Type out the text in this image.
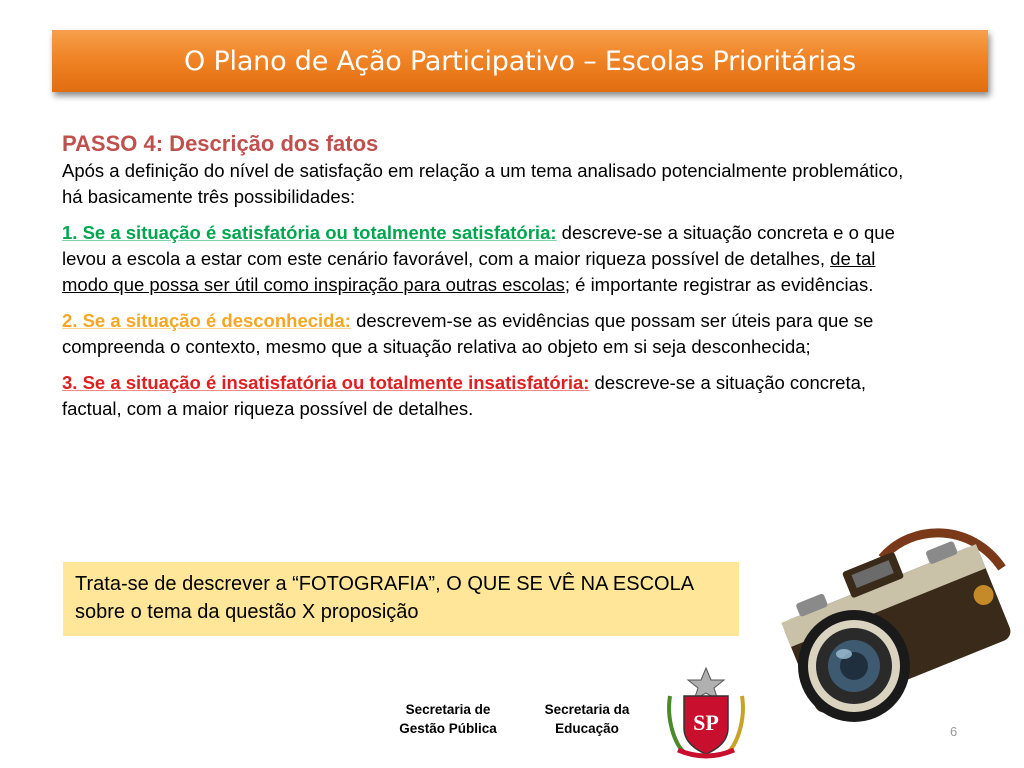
O Plano de Ação Participativo – Escolas Prioritárias
PASSO 4: Descrição dos fatos

Após a definição do nível de satisfação em relação a um tema analisado potencialmente problemático, há basicamente três possibilidades:

1. Se a situação é satisfatória ou totalmente satisfatória: descreve-se a situação concreta e o que levou a escola a estar com este cenário favorável, com a maior riqueza possível de detalhes, de tal modo que possa ser útil como inspiração para outras escolas; é importante registrar as evidências.

2. Se a situação é desconhecida: descrevem-se as evidências que possam ser úteis para que se compreenda o contexto, mesmo que a situação relativa ao objeto em si seja desconhecida;

3. Se a situação é insatisfatória ou totalmente insatisfatória: descreve-se a situação concreta, factual, com a maior riqueza possível de detalhes.

Trata-se de descrever a “FOTOGRAFIA”, O QUE SE VÊ NA ESCOLA sobre o tema da questão X proposição
Secretaria de
Gestão Pública
Secretaria da
Educação	SP	6
